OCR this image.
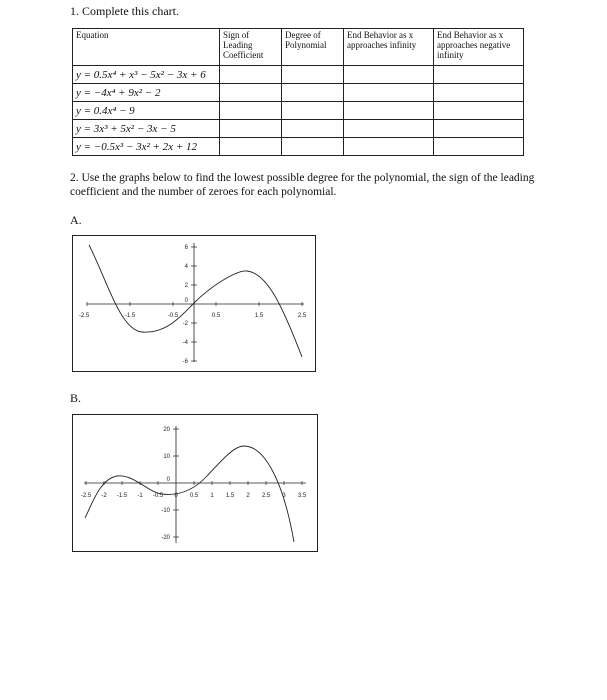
1. Complete this chart.
Equation	Sign of Leading Coefficient	Degree of Polynomial	End Behavior as x approaches infinity	End Behavior as x approaches negative infinity
y = 0.5x⁴ + x³ − 5x² − 3x + 6				
y = −4x⁴ + 9x² − 2				
y = 0.4x⁴ − 9				
y = 3x³ + 5x² − 3x − 5				
y = −0.5x³ − 3x² + 2x + 12				
2. Use the graphs below to find the lowest possible degree for the polynomial, the sign of the leading coefficient and the number of zeroes for each polynomial.
A.
-2.5	-1.5	-0.5	0.5	1.5	2.5
6
4
2
0
-2
-4
-6
B.
-2.5 -2 -1.5 -1 -0.5 0 0.5 1 1.5 2 2.5 3 3.5
20
10
0
-10
-20
